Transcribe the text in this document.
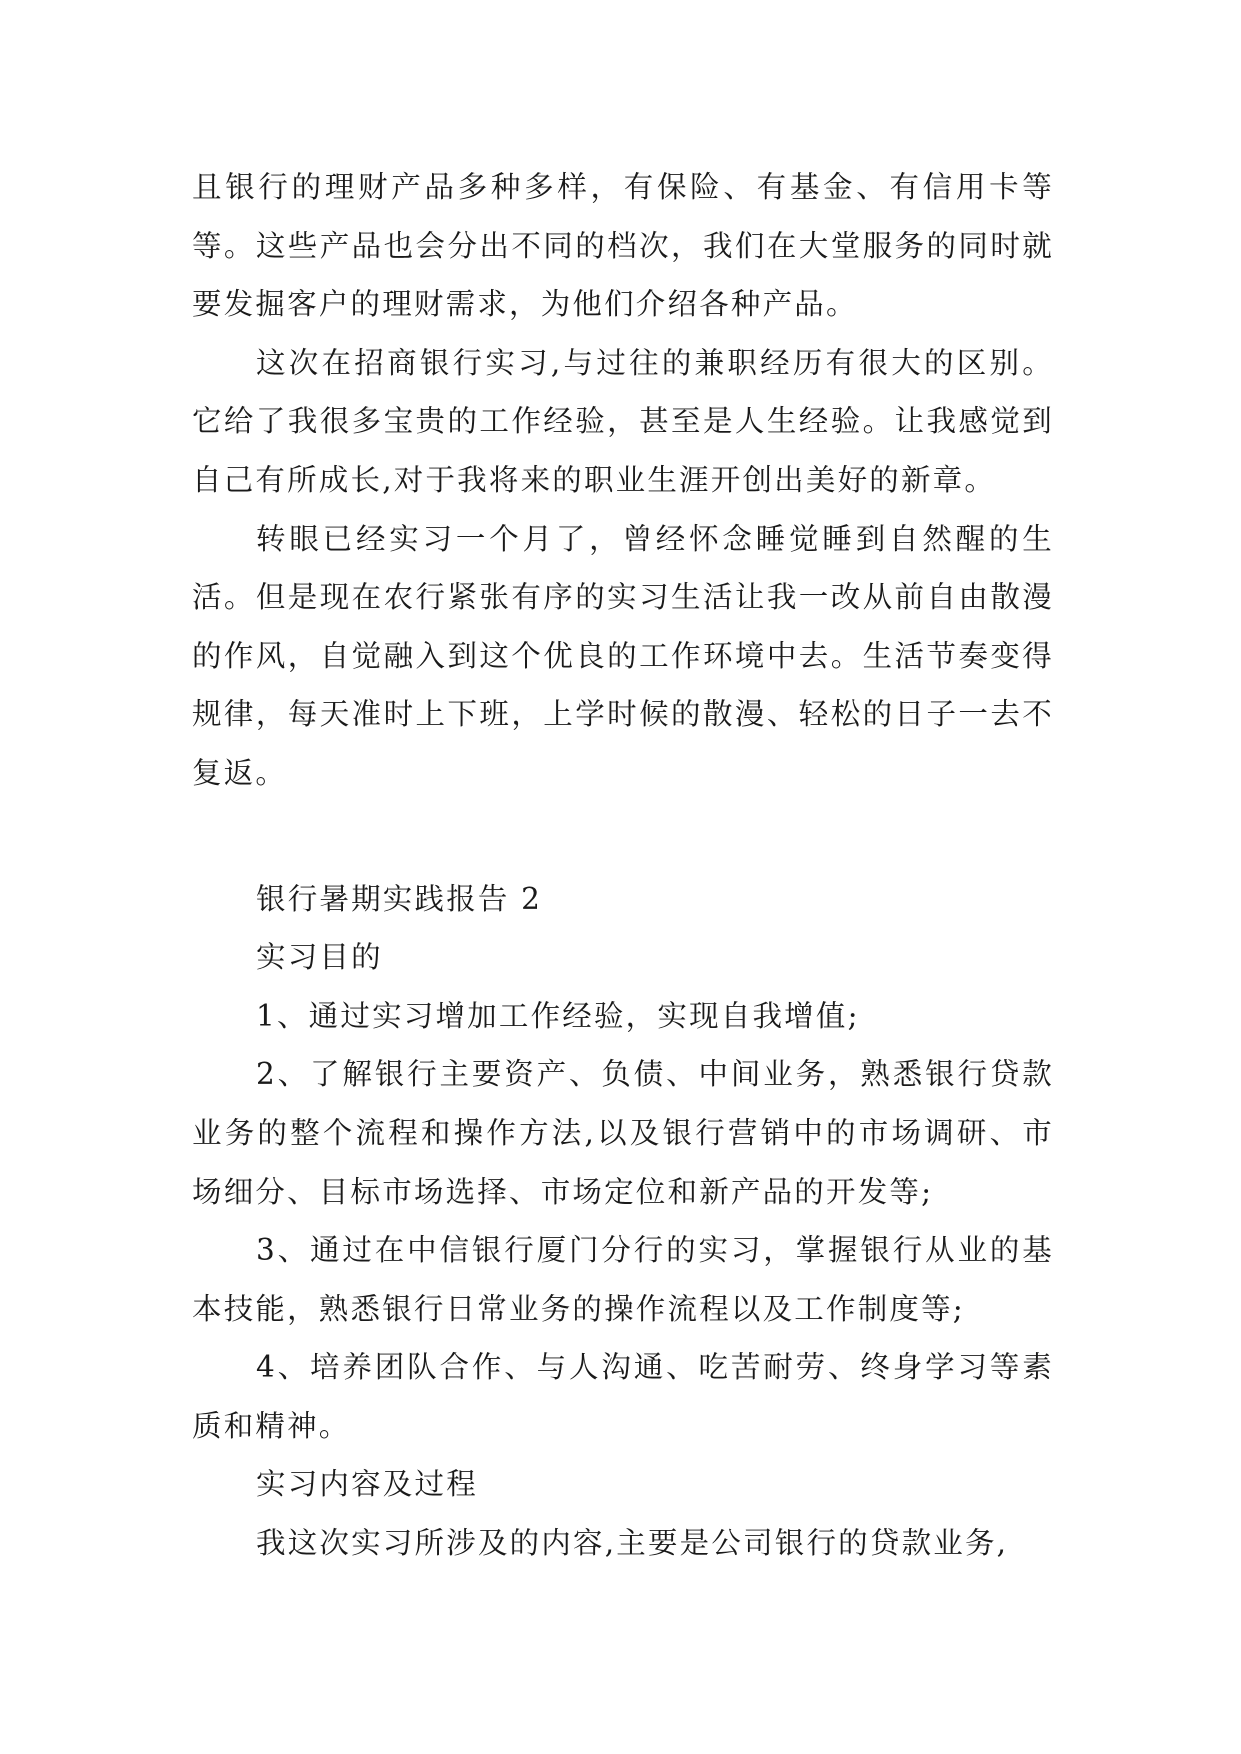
且银行的理财产品多种多样，有保险、有基金、有信用卡等等。这些产品也会分出不同的档次，我们在大堂服务的同时就要发掘客户的理财需求，为他们介绍各种产品。

这次在招商银行实习,与过往的兼职经历有很大的区别。它给了我很多宝贵的工作经验，甚至是人生经验。让我感觉到自己有所成长,对于我将来的职业生涯开创出美好的新章。

转眼已经实习一个月了，曾经怀念睡觉睡到自然醒的生活。但是现在农行紧张有序的实习生活让我一改从前自由散漫的作风，自觉融入到这个优良的工作环境中去。生活节奏变得规律，每天准时上下班，上学时候的散漫、轻松的日子一去不复返。

银行暑期实践报告 2

实习目的

1、通过实习增加工作经验，实现自我增值;

2、了解银行主要资产、负债、中间业务，熟悉银行贷款业务的整个流程和操作方法,以及银行营销中的市场调研、市场细分、目标市场选择、市场定位和新产品的开发等;

3、通过在中信银行厦门分行的实习，掌握银行从业的基本技能，熟悉银行日常业务的操作流程以及工作制度等;

4、培养团队合作、与人沟通、吃苦耐劳、终身学习等素质和精神。

实习内容及过程

我这次实习所涉及的内容,主要是公司银行的贷款业务,
